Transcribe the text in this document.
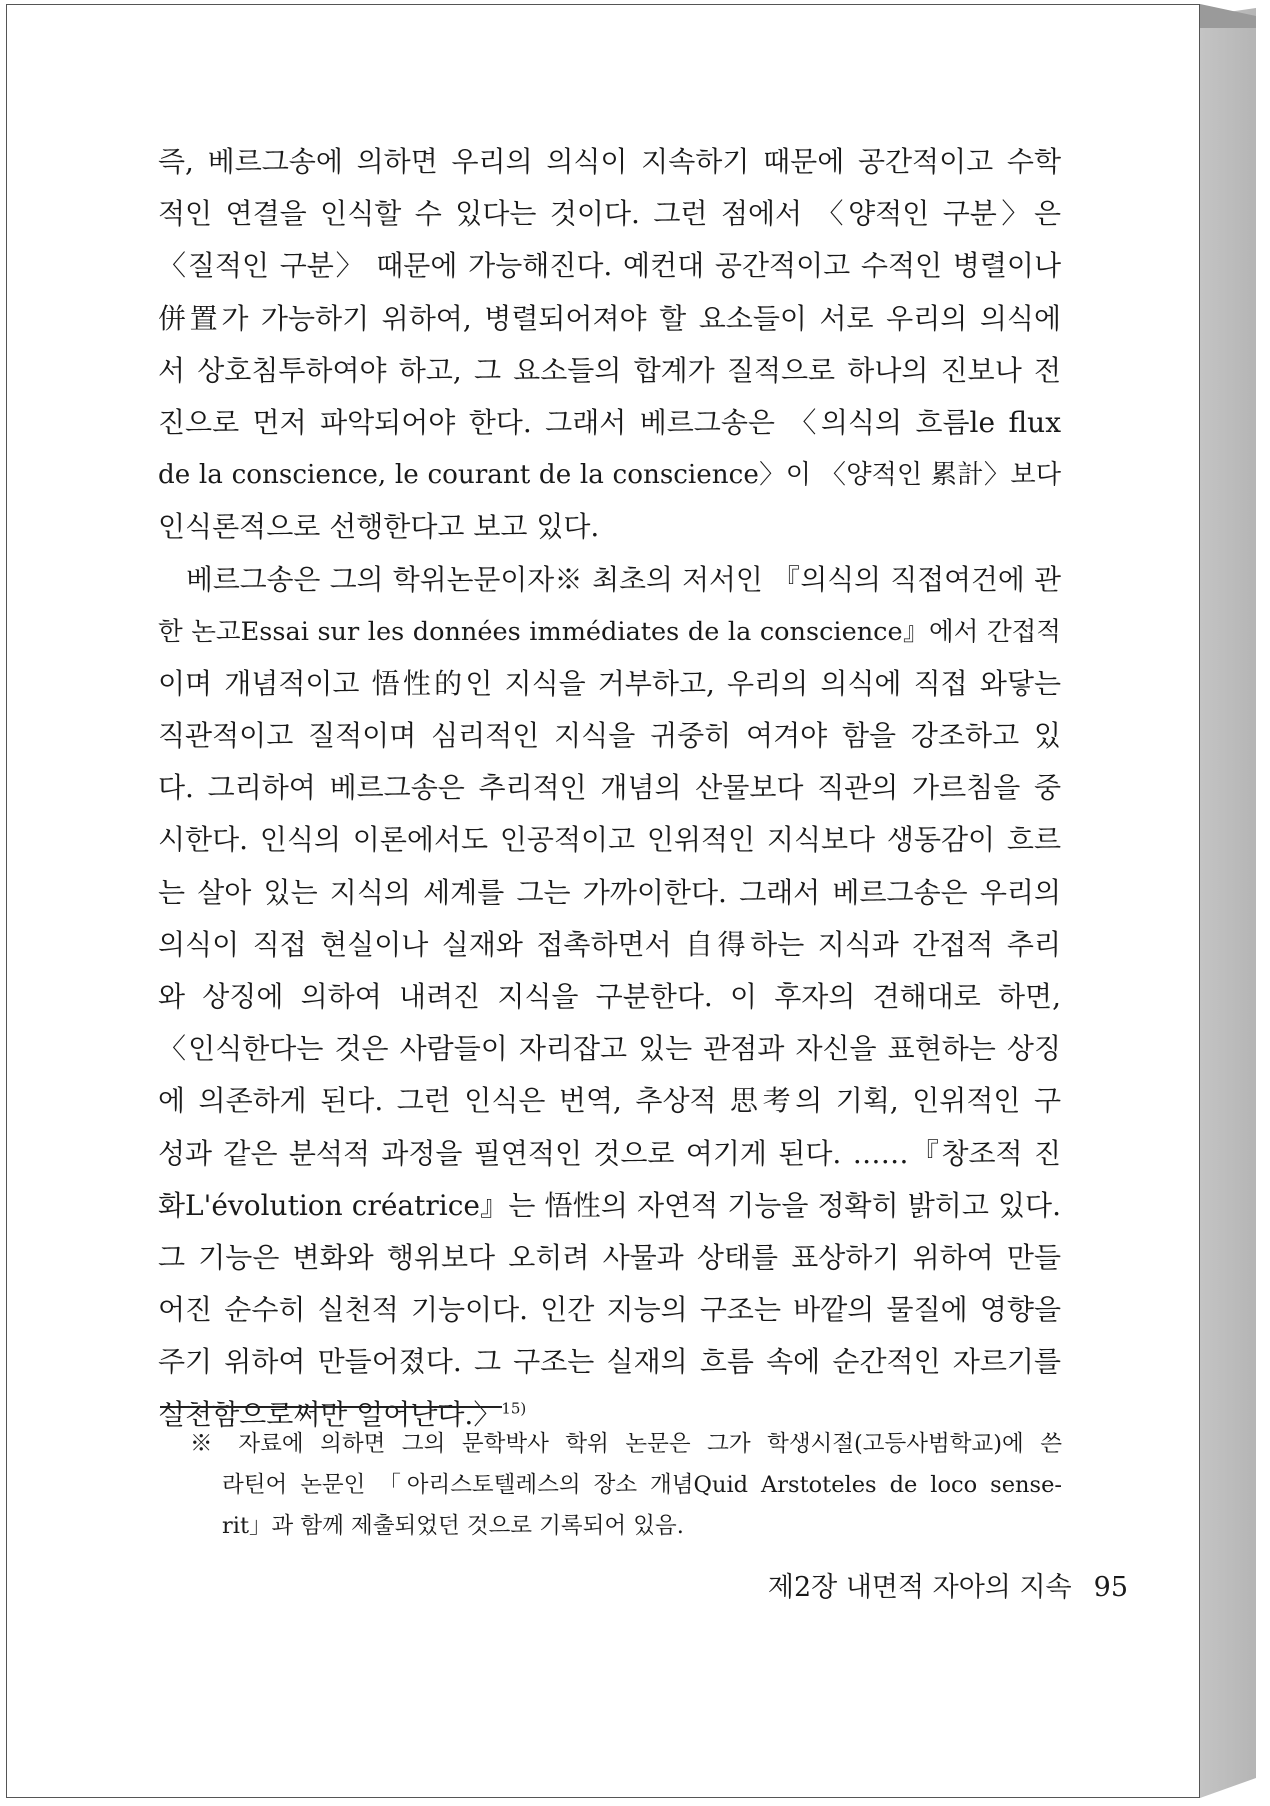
즉, 베르그송에 의하면 우리의 의식이 지속하기 때문에 공간적이고 수학
적인 연결을 인식할 수 있다는 것이다. 그런 점에서 〈양적인 구분〉은
〈질적인 구분〉 때문에 가능해진다. 예컨대 공간적이고 수적인 병렬이나
併置가 가능하기 위하여, 병렬되어져야 할 요소들이 서로 우리의 의식에
서 상호침투하여야 하고, 그 요소들의 합계가 질적으로 하나의 진보나 전
진으로 먼저 파악되어야 한다. 그래서 베르그송은 〈의식의 흐름le flux
de la conscience, le courant de la conscience〉이 〈양적인 累計〉보다
인식론적으로 선행한다고 보고 있다.
베르그송은 그의 학위논문이자※ 최초의 저서인 『의식의 직접여건에 관
한 논고Essai sur les données immédiates de la conscience』에서 간접적
이며 개념적이고 悟性的인 지식을 거부하고, 우리의 의식에 직접 와닿는
직관적이고 질적이며 심리적인 지식을 귀중히 여겨야 함을 강조하고 있
다. 그리하여 베르그송은 추리적인 개념의 산물보다 직관의 가르침을 중
시한다. 인식의 이론에서도 인공적이고 인위적인 지식보다 생동감이 흐르
는 살아 있는 지식의 세계를 그는 가까이한다. 그래서 베르그송은 우리의
의식이 직접 현실이나 실재와 접촉하면서 自得하는 지식과 간접적 추리
와 상징에 의하여 내려진 지식을 구분한다. 이 후자의 견해대로 하면,
〈인식한다는 것은 사람들이 자리잡고 있는 관점과 자신을 표현하는 상징
에 의존하게 된다. 그런 인식은 번역, 추상적 思考의 기획, 인위적인 구
성과 같은 분석적 과정을 필연적인 것으로 여기게 된다. ……『창조적 진
화L'évolution créatrice』는 悟性의 자연적 기능을 정확히 밝히고 있다.
그 기능은 변화와 행위보다 오히려 사물과 상태를 표상하기 위하여 만들
어진 순수히 실천적 기능이다. 인간 지능의 구조는 바깥의 물질에 영향을
주기 위하여 만들어졌다. 그 구조는 실재의 흐름 속에 순간적인 자르기를
실천함으로써만 일어난다.〉$^{15)}$
※ 자료에 의하면 그의 문학박사 학위 논문은 그가 학생시절(고등사범학교)에 쓴
라틴어 논문인 「아리스토텔레스의 장소 개념Quid Arstoteles de loco sense-
rit」과 함께 제출되었던 것으로 기록되어 있음.
제2장 내면적 자아의 지속 95
